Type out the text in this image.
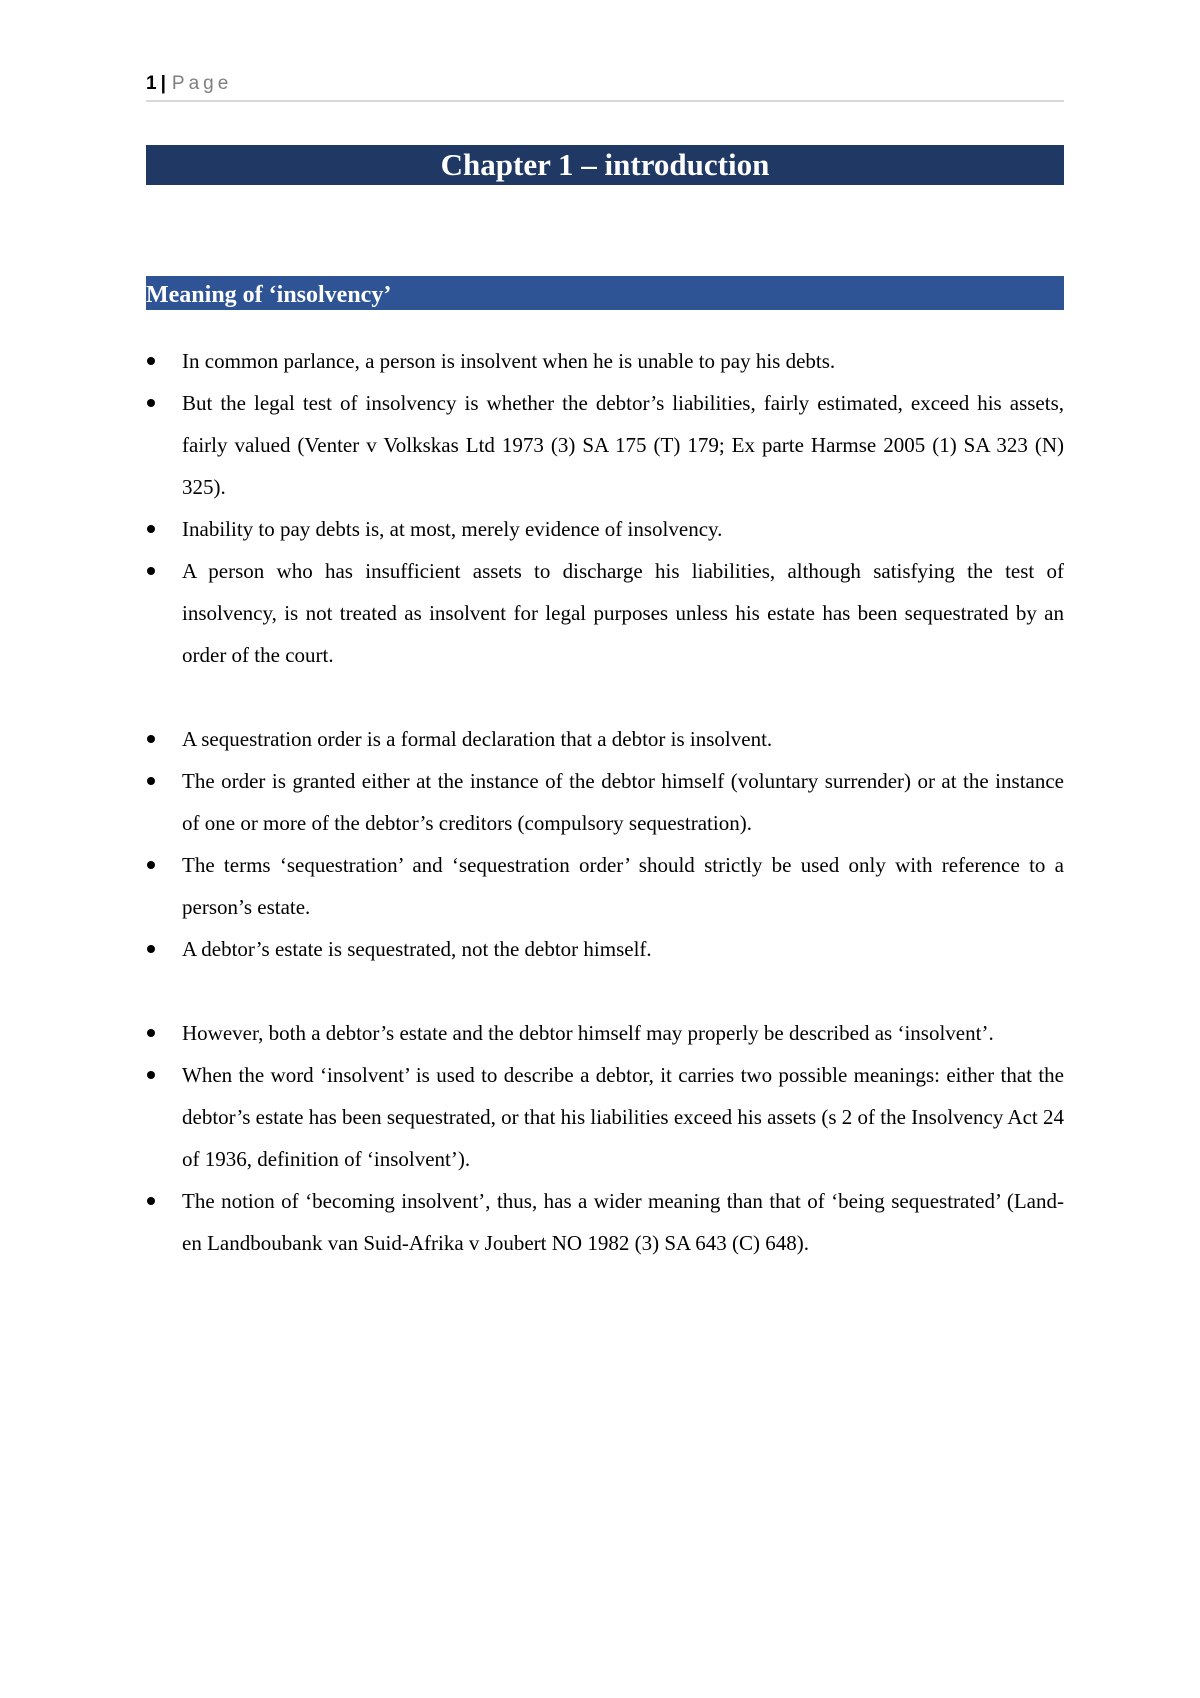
1 | Page
Chapter 1 – introduction
Meaning of ‘insolvency’
In common parlance, a person is insolvent when he is unable to pay his debts.
But the legal test of insolvency is whether the debtor’s liabilities, fairly estimated, exceed his assets, fairly valued (Venter v Volkskas Ltd 1973 (3) SA 175 (T) 179; Ex parte Harmse 2005 (1) SA 323 (N) 325).
Inability to pay debts is, at most, merely evidence of insolvency.
A person who has insufficient assets to discharge his liabilities, although satisfying the test of insolvency, is not treated as insolvent for legal purposes unless his estate has been sequestrated by an order of the court.
A sequestration order is a formal declaration that a debtor is insolvent.
The order is granted either at the instance of the debtor himself (voluntary surrender) or at the instance of one or more of the debtor’s creditors (compulsory sequestration).
The terms ‘sequestration’ and ‘sequestration order’ should strictly be used only with reference to a person’s estate.
A debtor’s estate is sequestrated, not the debtor himself.
However, both a debtor’s estate and the debtor himself may properly be described as ‘insolvent’.
When the word ‘insolvent’ is used to describe a debtor, it carries two possible meanings: either that the debtor’s estate has been sequestrated, or that his liabilities exceed his assets (s 2 of the Insolvency Act 24 of 1936, definition of ‘insolvent’).
The notion of ‘becoming insolvent’, thus, has a wider meaning than that of ‘being sequestrated’ (Land- en Landboubank van Suid-Afrika v Joubert NO 1982 (3) SA 643 (C) 648).
